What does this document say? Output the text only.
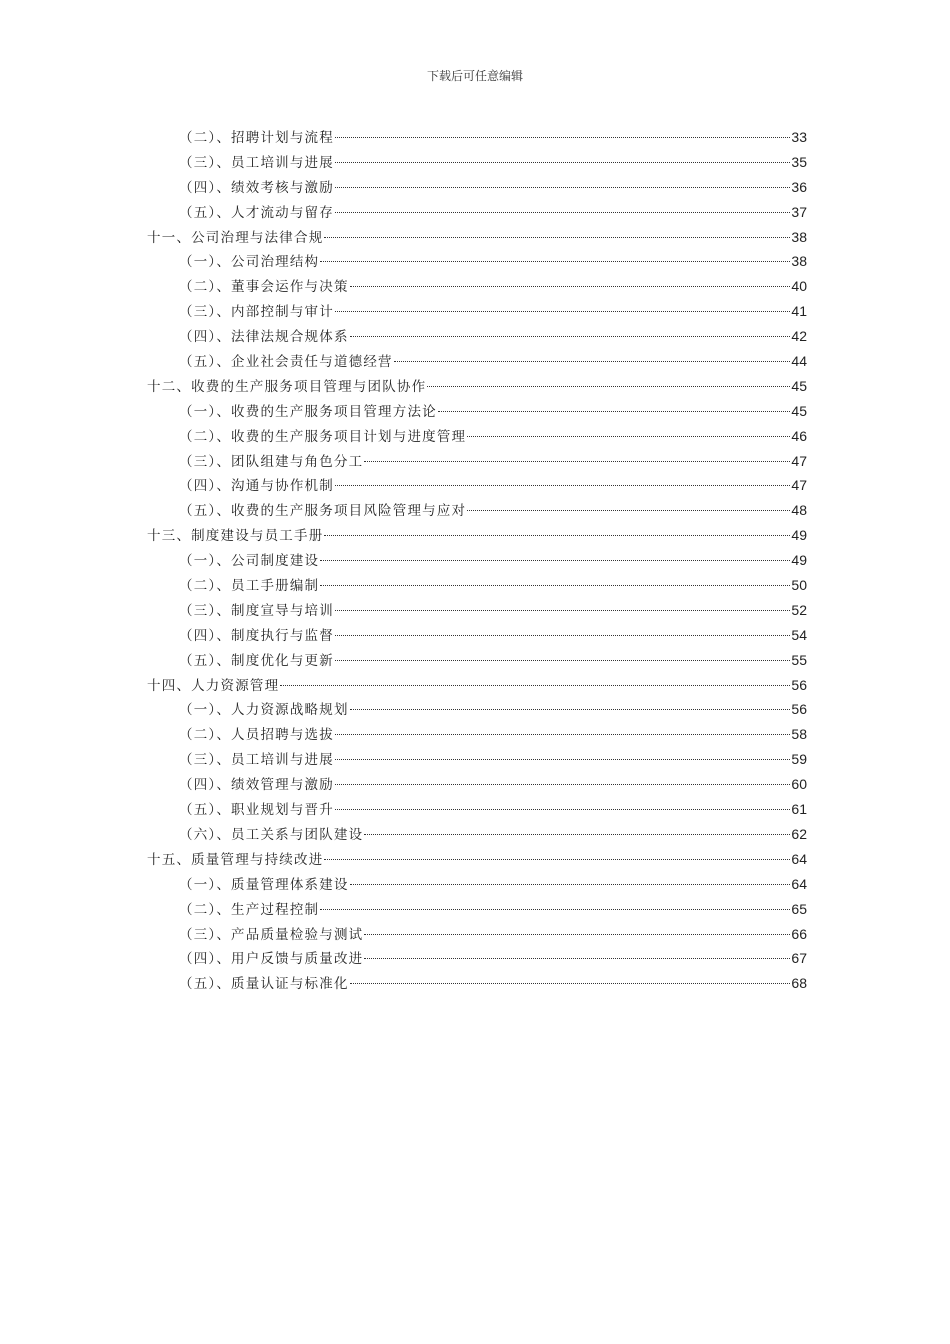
下载后可任意编辑
（二）、招聘计划与流程	33
（三）、员工培训与进展	35
（四）、绩效考核与激励	36
（五）、人才流动与留存	37
十一、公司治理与法律合规	38
（一）、公司治理结构	38
（二）、董事会运作与决策	40
（三）、内部控制与审计	41
（四）、法律法规合规体系	42
（五）、企业社会责任与道德经营	44
十二、收费的生产服务项目管理与团队协作	45
（一）、收费的生产服务项目管理方法论	45
（二）、收费的生产服务项目计划与进度管理	46
（三）、团队组建与角色分工	47
（四）、沟通与协作机制	47
（五）、收费的生产服务项目风险管理与应对	48
十三、制度建设与员工手册	49
（一）、公司制度建设	49
（二）、员工手册编制	50
（三）、制度宣导与培训	52
（四）、制度执行与监督	54
（五）、制度优化与更新	55
十四、人力资源管理	56
（一）、人力资源战略规划	56
（二）、人员招聘与选拔	58
（三）、员工培训与进展	59
（四）、绩效管理与激励	60
（五）、职业规划与晋升	61
（六）、员工关系与团队建设	62
十五、质量管理与持续改进	64
（一）、质量管理体系建设	64
（二）、生产过程控制	65
（三）、产品质量检验与测试	66
（四）、用户反馈与质量改进	67
（五）、质量认证与标准化	68
